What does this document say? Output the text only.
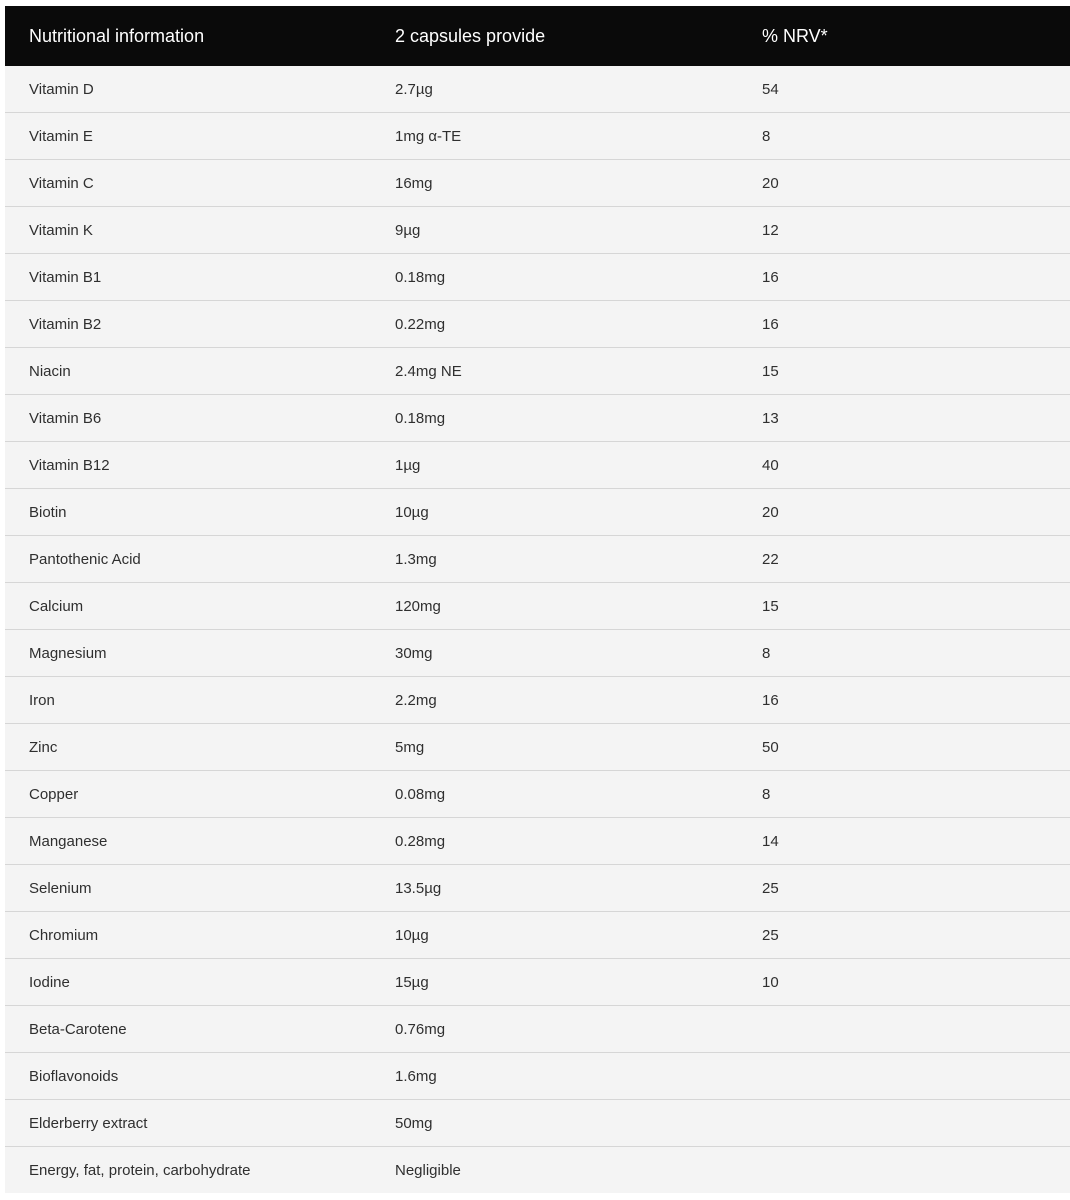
Nutritional information	2 capsules provide	% NRV*
Vitamin D	2.7µg	54
Vitamin E	1mg α-TE	8
Vitamin C	16mg	20
Vitamin K	9µg	12
Vitamin B1	0.18mg	16
Vitamin B2	0.22mg	16
Niacin	2.4mg NE	15
Vitamin B6	0.18mg	13
Vitamin B12	1µg	40
Biotin	10µg	20
Pantothenic Acid	1.3mg	22
Calcium	120mg	15
Magnesium	30mg	8
Iron	2.2mg	16
Zinc	5mg	50
Copper	0.08mg	8
Manganese	0.28mg	14
Selenium	13.5µg	25
Chromium	10µg	25
Iodine	15µg	10
Beta-Carotene	0.76mg
Bioflavonoids	1.6mg
Elderberry extract	50mg
Energy, fat, protein, carbohydrate	Negligible
